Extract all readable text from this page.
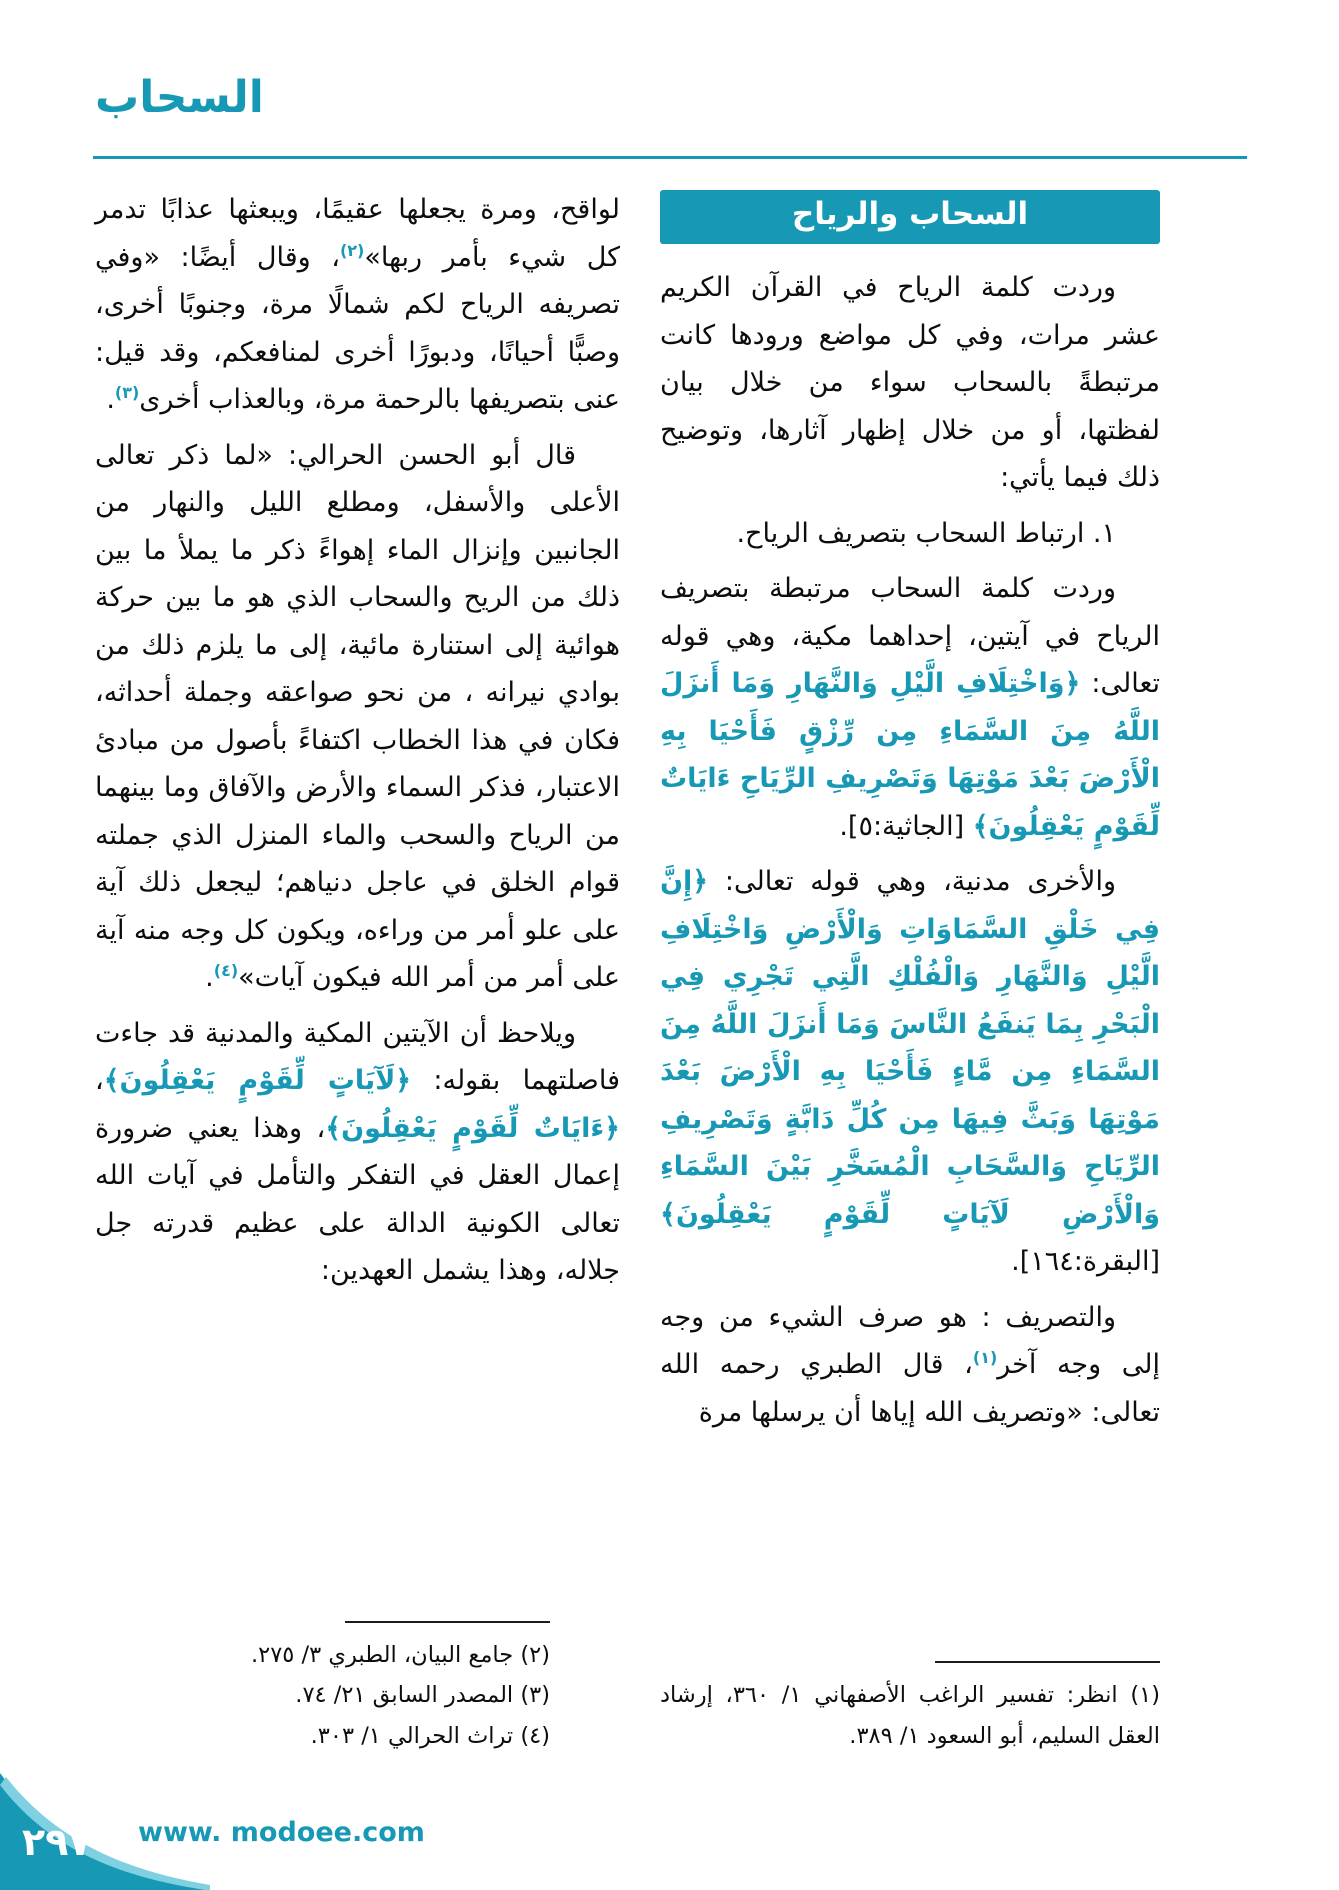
السحاب
السحاب والرياح

وردت كلمة الرياح في القرآن الكريم عشر مرات، وفي كل مواضع ورودها كانت مرتبطةً بالسحاب سواء من خلال بيان لفظتها، أو من خلال إظهار آثارها، وتوضيح ذلك فيما يأتي:

١. ارتباط السحاب بتصريف الرياح.

وردت كلمة السحاب مرتبطة بتصريف الرياح في آيتين، إحداهما مكية، وهي قوله تعالى: ﴿وَاخْتِلَافِ الَّيْلِ وَالنَّهَارِ وَمَا أَنزَلَ اللَّهُ مِنَ السَّمَاءِ مِن رِّزْقٍ فَأَحْيَا بِهِ الْأَرْضَ بَعْدَ مَوْتِهَا وَتَصْرِيفِ الرِّيَاحِ ءَايَاتٌ لِّقَوْمٍ يَعْقِلُونَ﴾ [الجاثية:٥].

والأخرى مدنية، وهي قوله تعالى: ﴿إِنَّ فِي خَلْقِ السَّمَاوَاتِ وَالْأَرْضِ وَاخْتِلَافِ الَّيْلِ وَالنَّهَارِ وَالْفُلْكِ الَّتِي تَجْرِي فِي الْبَحْرِ بِمَا يَنفَعُ النَّاسَ وَمَا أَنزَلَ اللَّهُ مِنَ السَّمَاءِ مِن مَّاءٍ فَأَحْيَا بِهِ الْأَرْضَ بَعْدَ مَوْتِهَا وَبَثَّ فِيهَا مِن كُلِّ دَابَّةٍ وَتَصْرِيفِ الرِّيَاحِ وَالسَّحَابِ الْمُسَخَّرِ بَيْنَ السَّمَاءِ وَالْأَرْضِ لَآيَاتٍ لِّقَوْمٍ يَعْقِلُونَ﴾ [البقرة:١٦٤].

والتصريف : هو صرف الشيء من وجه إلى وجه آخر$^{(١)}$، قال الطبري رحمه الله تعالى: «وتصريف الله إياها أن يرسلها مرة

(١) انظر: تفسير الراغب الأصفهاني ١/ ٣٦٠، إرشاد العقل السليم، أبو السعود ١/ ٣٨٩.

لواقح، ومرة يجعلها عقيمًا، ويبعثها عذابًا تدمر كل شيء بأمر ربها»$^{(٢)}$، وقال أيضًا: «وفي تصريفه الرياح لكم شمالًا مرة، وجنوبًا أخرى، وصبًّا أحيانًا، ودبورًا أخرى لمنافعكم، وقد قيل: عنى بتصريفها بالرحمة مرة، وبالعذاب أخرى$^{(٣)}$.

قال أبو الحسن الحرالي: «لما ذكر تعالى الأعلى والأسفل، ومطلع الليل والنهار من الجانبين وإنزال الماء إهواءً ذكر ما يملأ ما بين ذلك من الريح والسحاب الذي هو ما بين حركة هوائية إلى استنارة مائية، إلى ما يلزم ذلك من بوادي نيرانه ، من نحو صواعقه وجملة أحداثه، فكان في هذا الخطاب اكتفاءً بأصول من مبادئ الاعتبار، فذكر السماء والأرض والآفاق وما بينهما من الرياح والسحب والماء المنزل الذي جملته قوام الخلق في عاجل دنياهم؛ ليجعل ذلك آية على علو أمر من وراءه، ويكون كل وجه منه آية على أمر من أمر الله فيكون آيات»$^{(٤)}$.

ويلاحظ أن الآيتين المكية والمدنية قد جاءت فاصلتهما بقوله: ﴿لَآيَاتٍ لِّقَوْمٍ يَعْقِلُونَ﴾، ﴿ءَايَاتٌ لِّقَوْمٍ يَعْقِلُونَ﴾، وهذا يعني ضرورة إعمال العقل في التفكر والتأمل في آيات الله تعالى الكونية الدالة على عظيم قدرته جل جلاله، وهذا يشمل العهدين:

(٢) جامع البيان، الطبري ٣/ ٢٧٥.

(٣) المصدر السابق ٢١/ ٧٤.

(٤) تراث الحرالي ١/ ٣٠٣.

٢٩٧ www. modoee.com
